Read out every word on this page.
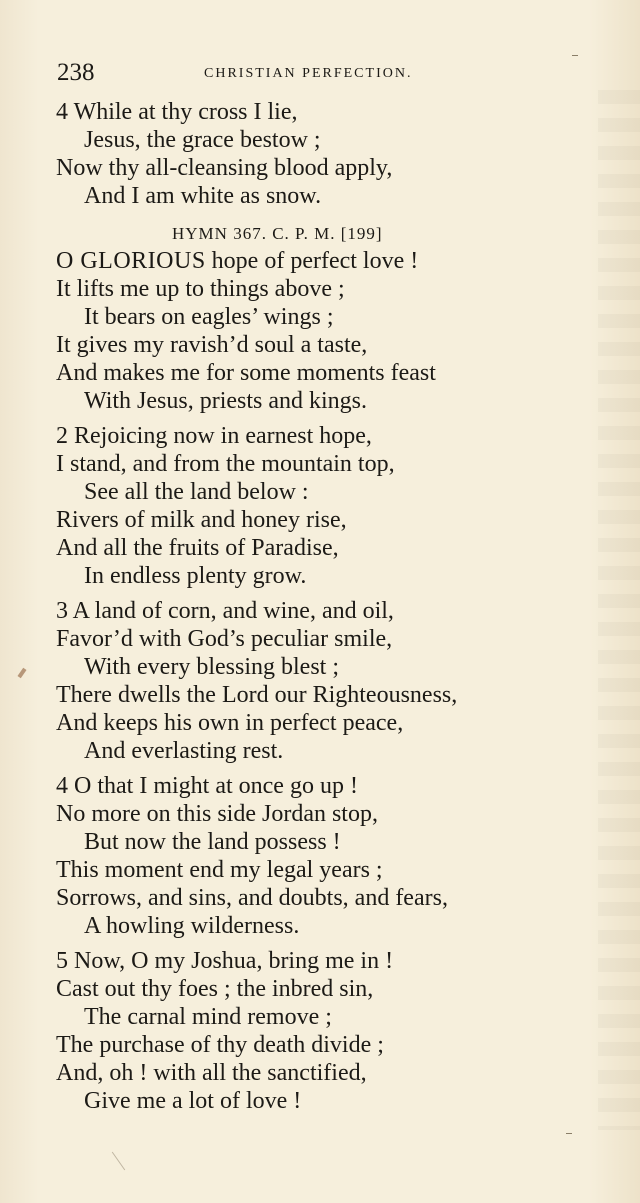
238	CHRISTIAN PERFECTION.
4 While at thy cross I lie,
Jesus, the grace bestow ;
Now thy all-cleansing blood apply,
And I am white as snow.
HYMN 367. C. P. M. [199]
O GLORIOUS hope of perfect love !
It lifts me up to things above ;
It bears on eagles’ wings ;
It gives my ravish’d soul a taste,
And makes me for some moments feast
With Jesus, priests and kings.
2 Rejoicing now in earnest hope,
I stand, and from the mountain top,
See all the land below :
Rivers of milk and honey rise,
And all the fruits of Paradise,
In endless plenty grow.
3 A land of corn, and wine, and oil,
Favor’d with God’s peculiar smile,
With every blessing blest ;
There dwells the Lord our Righteousness,
And keeps his own in perfect peace,
And everlasting rest.
4 O that I might at once go up !
No more on this side Jordan stop,
But now the land possess !
This moment end my legal years ;
Sorrows, and sins, and doubts, and fears,
A howling wilderness.
5 Now, O my Joshua, bring me in !
Cast out thy foes ; the inbred sin,
The carnal mind remove ;
The purchase of thy death divide ;
And, oh ! with all the sanctified,
Give me a lot of love !
